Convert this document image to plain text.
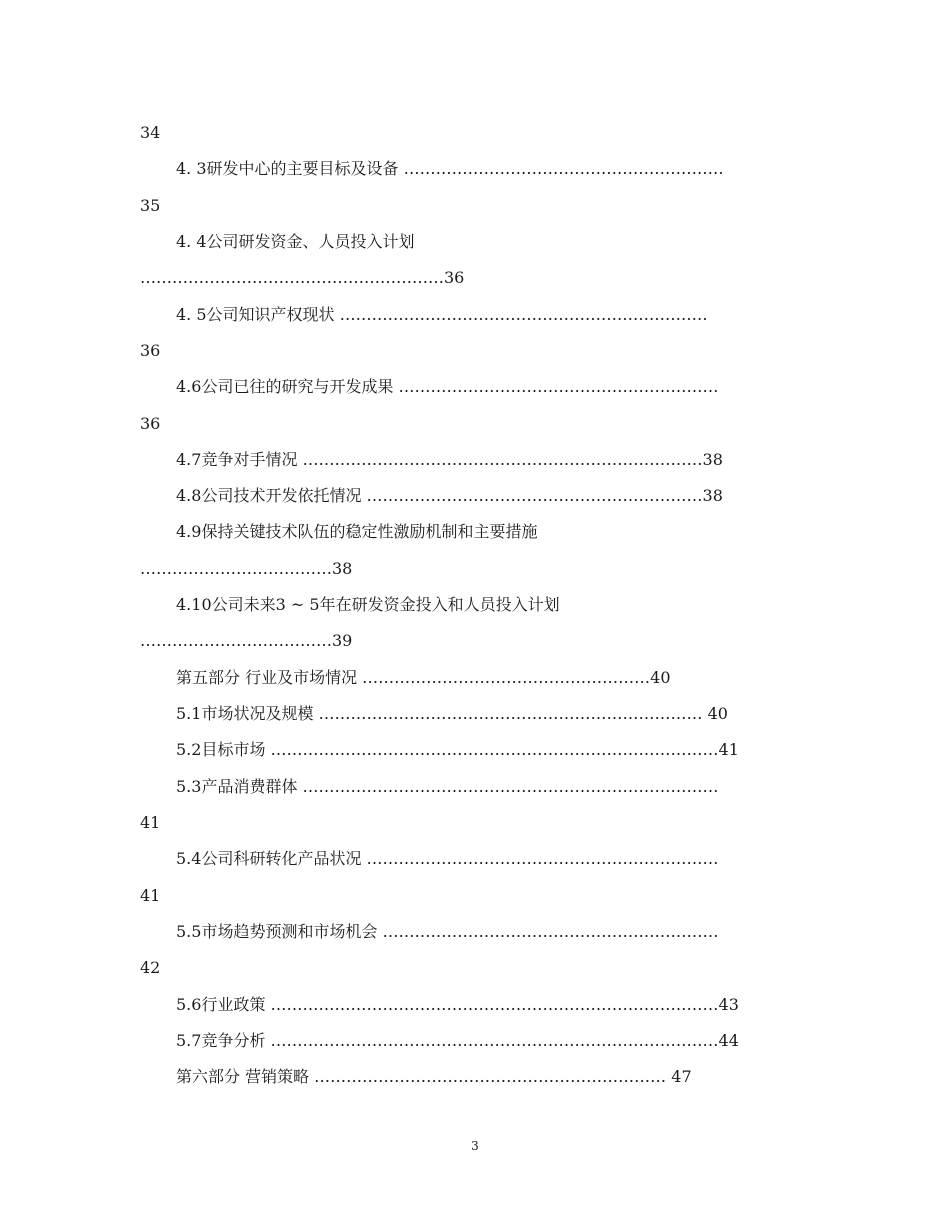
34
4. 3研发中心的主要目标及设备 ……………………………………………………
35
4. 4公司研发资金、人员投入计划
…………………………………………………36
4. 5公司知识产权现状 ……………………………………………………………
36
4.6公司已往的研究与开发成果 ……………………………………………………
36
4.7竞争对手情况 …………………………………………………………………38
4.8公司技术开发依托情况 ………………………………………………………38
4.9保持关键技术队伍的稳定性激励机制和主要措施
………………………………38
4.10公司未来3 ~ 5年在研发资金投入和人员投入计划
………………………………39
第五部分 行业及市场情况 ………………………………………………40
5.1市场状况及规模 ……………………………………………………………… 40
5.2目标市场 …………………………………………………………………………41
5.3产品消费群体 ……………………………………………………………………
41
5.4公司科研转化产品状况 …………………………………………………………
41
5.5市场趋势预测和市场机会 ………………………………………………………
42
5.6行业政策 …………………………………………………………………………43
5.7竞争分析 …………………………………………………………………………44
第六部分 营销策略 ………………………………………………………… 47
3
